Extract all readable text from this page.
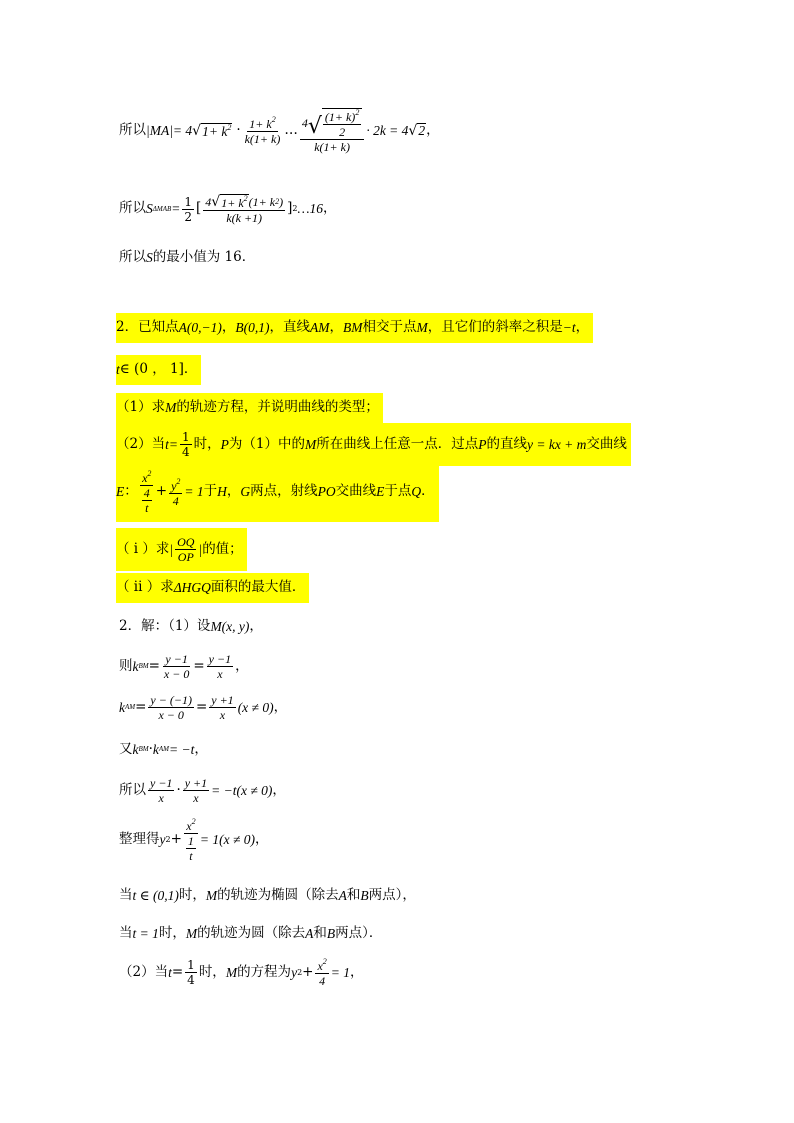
所以 |MA|= 4 √ $1+ k^2 \cdot \frac{1+ k^2}{k(1+ k)}$ … $\frac{4 √ \frac{(1+ k)^2}{2}}{k(1+ k)} \cdot 2k = 4$ √ 2 ，
所以 S $\Delta MAB = \frac{1}{2}$ [ $\frac{4 √ 1+ k^2 (1+ k 2 )}{k(k +1)}$ ] 2 …16 ，
所以 S 的最小值为 16．
2．已知点 A(0,−1) ， B(0,1) ，直线 AM ， BM 相交于点 M ，且它们的斜率之积是 −t ，
t ∈ (0 ， 1]．
（1）求 M 的轨迹方程，并说明曲线的类型；
（2）当 $t = \frac{1}{4}$ 时， P 为（1）中的 M 所在曲线上任意一点．过点 P 的直线 y = kx + m 交曲线
E ： $\frac{x^2}{\frac{4}{t}} + \frac{y^2}{4} = 1$ 于 H ， G 两点，射线 PO 交曲线 E 于点 Q ．
（ i ）求 | $\frac{OQ}{OP}$ | 的值；
（ ii ）求 ΔHGQ 面积的最大值．
2．解：（1）设 M(x, y) ，
则 k BM = $\frac{y -1}{x - 0} = \frac{y -1}{x}$ ，
k AM = $\frac{y - (-1)}{x - 0} = \frac{y +1}{x} (x \ne 0)$ ，
又 k BM · k AM = −t ，
所以 $\frac{y -1}{x} \cdot \frac{y +1}{x} = -t(x \ne 0)$ ，
整理得 y $2 + \frac{x^2}{\frac{1}{t}} = 1(x \ne 0)$ ，
当 t ∈ (0,1) 时， M 的轨迹为椭圆（除去 A 和 B 两点），
当 t = 1 时， M 的轨迹为圆（除去 A 和 B 两点）．
（2）当 $t = \frac{1}{4}$ 时， M 的方程为 y $2 + \frac{x^2}{4} = 1$ ，
